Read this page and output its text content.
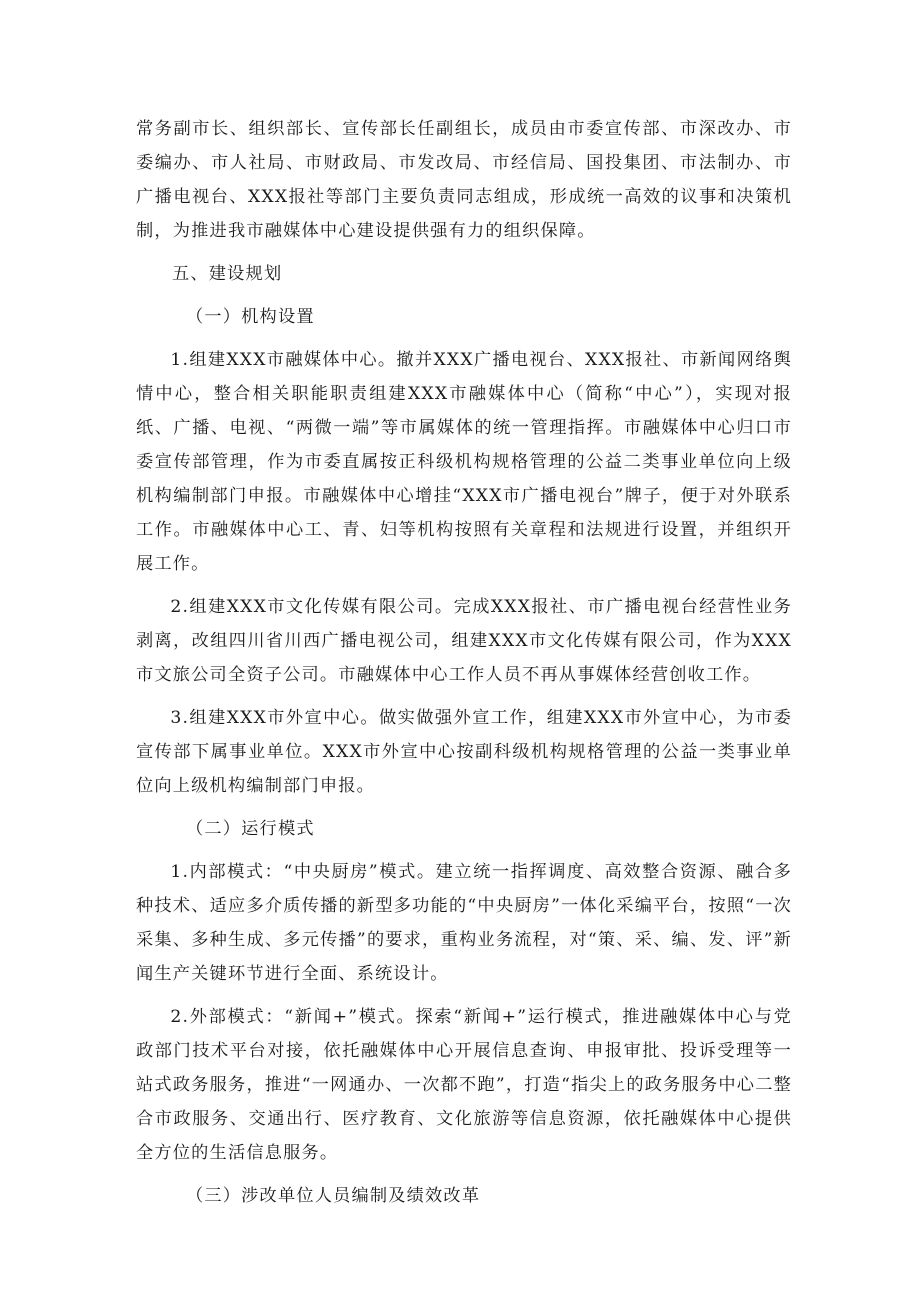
常务副市长、组织部长、宣传部长任副组长，成员由市委宣传部、市深改办、市委编办、市人社局、市财政局、市发改局、市经信局、国投集团、市法制办、市广播电视台、XXX报社等部门主要负责同志组成，形成统一高效的议事和决策机制，为推进我市融媒体中心建设提供强有力的组织保障。

五、建设规划

（一）机构设置

1.组建XXX市融媒体中心。撤并XXX广播电视台、XXX报社、市新闻网络舆情中心，整合相关职能职责组建XXX市融媒体中心（简称“中心”），实现对报纸、广播、电视、“两微一端”等市属媒体的统一管理指挥。市融媒体中心归口市委宣传部管理，作为市委直属按正科级机构规格管理的公益二类事业单位向上级机构编制部门申报。市融媒体中心增挂“XXX市广播电视台”牌子，便于对外联系工作。市融媒体中心工、青、妇等机构按照有关章程和法规进行设置，并组织开展工作。

2.组建XXX市文化传媒有限公司。完成XXX报社、市广播电视台经营性业务剥离，改组四川省川西广播电视公司，组建XXX市文化传媒有限公司，作为XXX市文旅公司全资子公司。市融媒体中心工作人员不再从事媒体经营创收工作。

3.组建XXX市外宣中心。做实做强外宣工作，组建XXX市外宣中心，为市委宣传部下属事业单位。XXX市外宣中心按副科级机构规格管理的公益一类事业单位向上级机构编制部门申报。

（二）运行模式

1.内部模式：“中央厨房”模式。建立统一指挥调度、高效整合资源、融合多种技术、适应多介质传播的新型多功能的“中央厨房”一体化采编平台，按照“一次采集、多种生成、多元传播”的要求，重构业务流程，对“策、采、编、发、评”新闻生产关键环节进行全面、系统设计。

2.外部模式：“新闻+”模式。探索“新闻+”运行模式，推进融媒体中心与党政部门技术平台对接，依托融媒体中心开展信息查询、申报审批、投诉受理等一站式政务服务，推进“一网通办、一次都不跑”，打造“指尖上的政务服务中心二整合市政服务、交通出行、医疗教育、文化旅游等信息资源，依托融媒体中心提供全方位的生活信息服务。

（三）涉改单位人员编制及绩效改革
